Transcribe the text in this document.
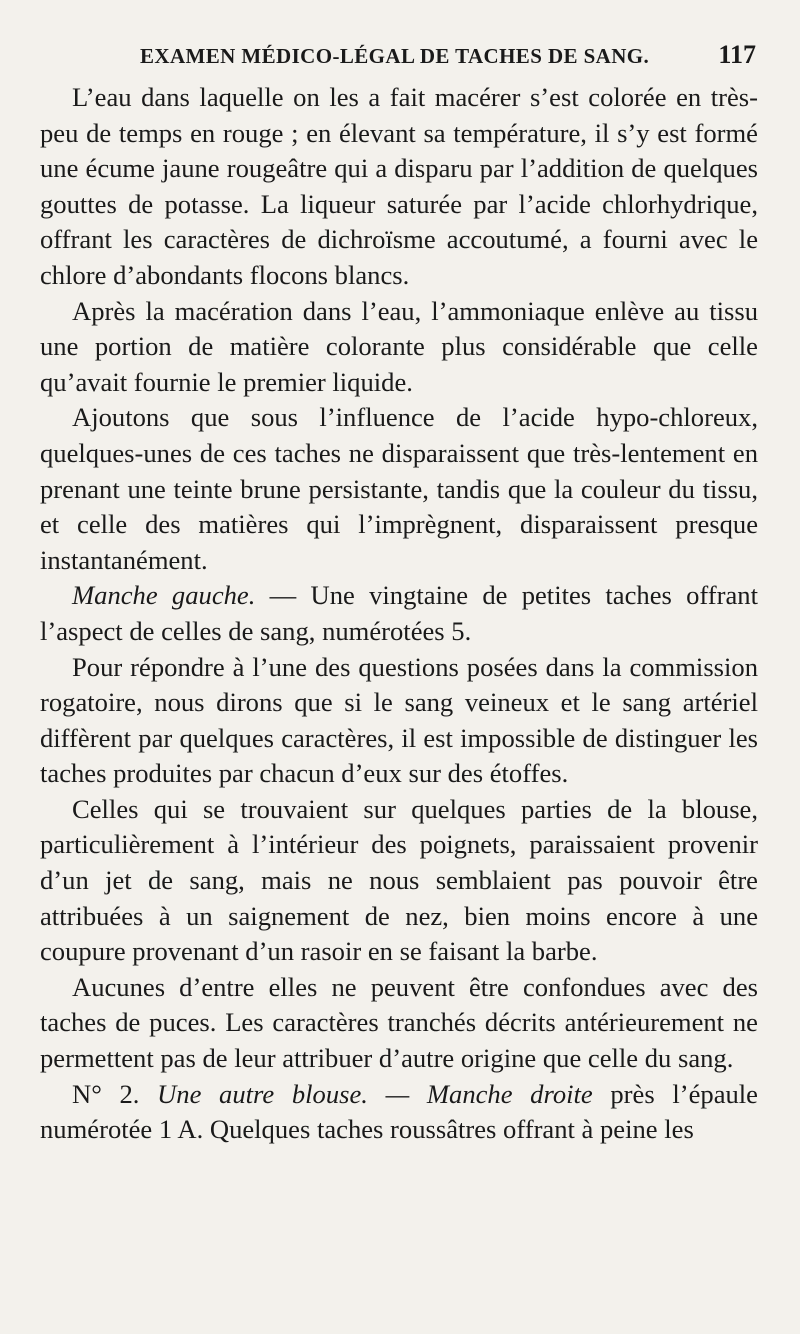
EXAMEN MÉDICO-LÉGAL DE TACHES DE SANG.	117

L’eau dans laquelle on les a fait macérer s’est colorée en très-peu de temps en rouge ; en élevant sa température, il s’y est formé une écume jaune rougeâtre qui a disparu par l’addition de quelques gouttes de potasse. La liqueur saturée par l’acide chlorhydrique, offrant les caractères de dichroïsme accoutumé, a fourni avec le chlore d’abondants flocons blancs.

Après la macération dans l’eau, l’ammoniaque enlève au tissu une portion de matière colorante plus considérable que celle qu’avait fournie le premier liquide.

Ajoutons que sous l’influence de l’acide hypo-chloreux, quelques-unes de ces taches ne disparaissent que très-lentement en prenant une teinte brune persistante, tandis que la couleur du tissu, et celle des matières qui l’imprègnent, disparaissent presque instantanément.

Manche gauche. — Une vingtaine de petites taches offrant l’aspect de celles de sang, numérotées 5.

Pour répondre à l’une des questions posées dans la commission rogatoire, nous dirons que si le sang veineux et le sang artériel diffèrent par quelques caractères, il est impossible de distinguer les taches produites par chacun d’eux sur des étoffes.

Celles qui se trouvaient sur quelques parties de la blouse, particulièrement à l’intérieur des poignets, paraissaient provenir d’un jet de sang, mais ne nous semblaient pas pouvoir être attribuées à un saignement de nez, bien moins encore à une coupure provenant d’un rasoir en se faisant la barbe.

Aucunes d’entre elles ne peuvent être confondues avec des taches de puces. Les caractères tranchés décrits antérieurement ne permettent pas de leur attribuer d’autre origine que celle du sang.

N° 2. Une autre blouse. — Manche droite près l’épaule numérotée 1 A. Quelques taches roussâtres offrant à peine les
